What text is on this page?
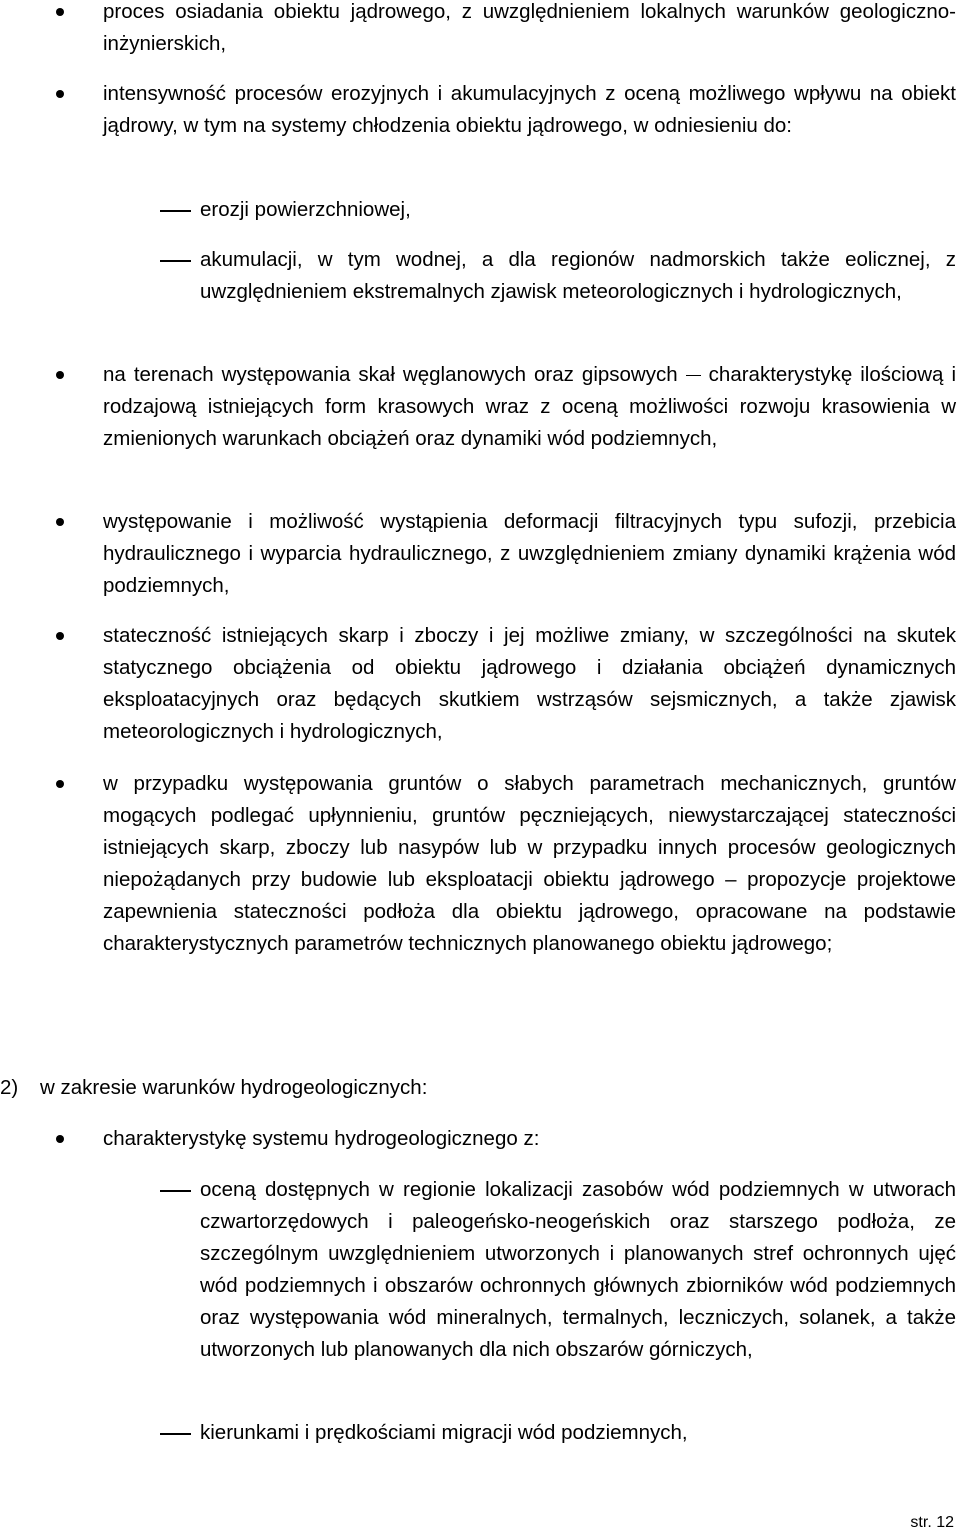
proces osiadania obiektu jądrowego, z uwzględnieniem lokalnych warunków geologiczno-inżynierskich,
intensywność procesów erozyjnych i akumulacyjnych z oceną możliwego wpływu na obiekt jądrowy, w tym na systemy chłodzenia obiektu jądrowego, w odniesieniu do:
erozji powierzchniowej,
akumulacji, w tym wodnej, a dla regionów nadmorskich także eolicznej, z uwzględnieniem ekstremalnych zjawisk meteorologicznych i hydrologicznych,
na terenach występowania skał węglanowych oraz gipsowych charakterystykę ilościową i rodzajową istniejących form krasowych wraz z oceną możliwości rozwoju krasowienia w zmienionych warunkach obciążeń oraz dynamiki wód podziemnych,
występowanie i możliwość wystąpienia deformacji filtracyjnych typu sufozji, przebicia hydraulicznego i wyparcia hydraulicznego, z uwzględnieniem zmiany dynamiki krążenia wód podziemnych,
stateczność istniejących skarp i zboczy i jej możliwe zmiany, w szczególności na skutek statycznego obciążenia od obiektu jądrowego i działania obciążeń dynamicznych eksploatacyjnych oraz będących skutkiem wstrząsów sejsmicznych, a także zjawisk meteorologicznych i hydrologicznych,
w przypadku występowania gruntów o słabych parametrach mechanicznych, gruntów mogących podlegać upłynnieniu, gruntów pęczniejących, niewystarczającej stateczności istniejących skarp, zboczy lub nasypów lub w przypadku innych procesów geologicznych niepożądanych przy budowie lub eksploatacji obiektu jądrowego – propozycje projektowe zapewnienia stateczności podłoża dla obiektu jądrowego, opracowane na podstawie charakterystycznych parametrów technicznych planowanego obiektu jądrowego;
2) w zakresie warunków hydrogeologicznych:
charakterystykę systemu hydrogeologicznego z:
oceną dostępnych w regionie lokalizacji zasobów wód podziemnych w utworach czwartorzędowych i paleogeńsko-neogeńskich oraz starszego podłoża, ze szczególnym uwzględnieniem utworzonych i planowanych stref ochronnych ujęć wód podziemnych i obszarów ochronnych głównych zbiorników wód podziemnych oraz występowania wód mineralnych, termalnych, leczniczych, solanek, a także utworzonych lub planowanych dla nich obszarów górniczych,
kierunkami i prędkościami migracji wód podziemnych,
str. 12
